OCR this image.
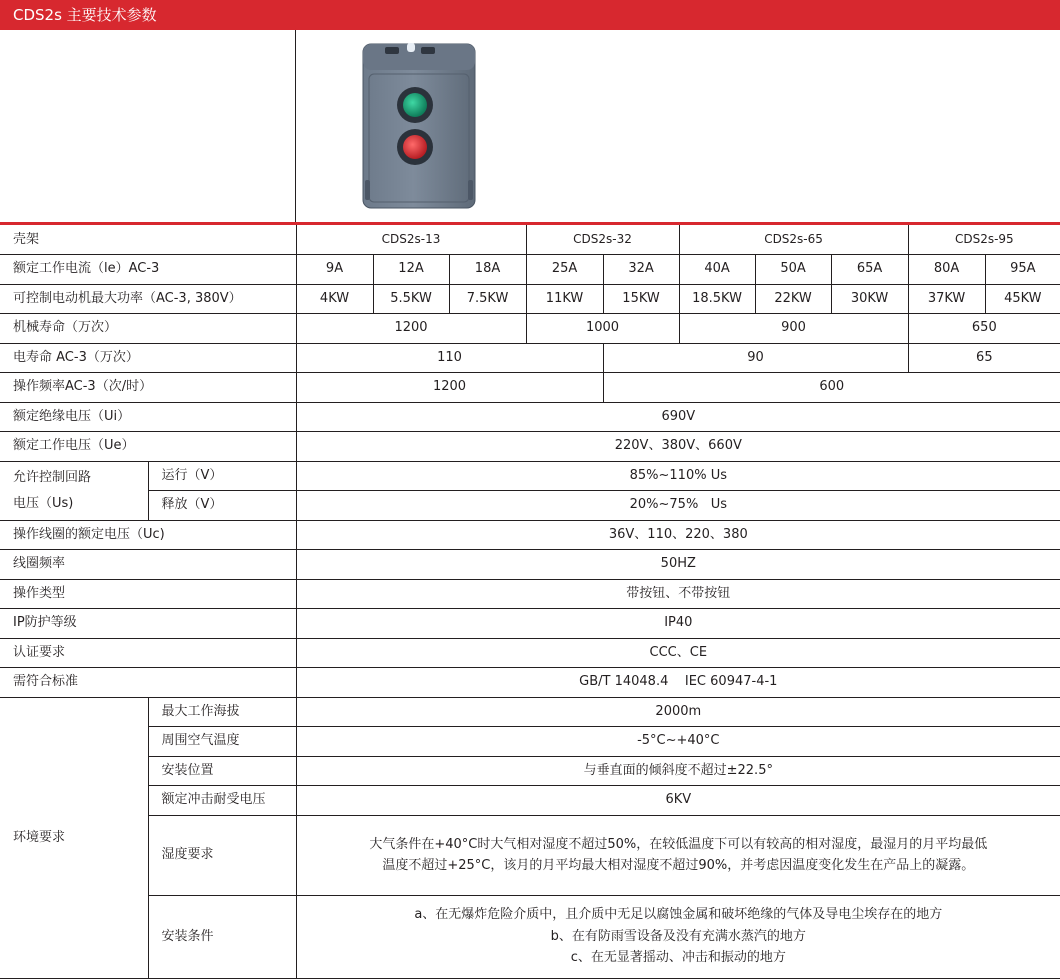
CDS2s 主要技术参数
壳架		CDS2s-13			CDS2s-32		CDS2s-65			CDS2s-95	
额定工作电流（le）AC-3		9A	12A	18A	25A	32A	40A	50A	65A	80A	95A
可控制电动机最大功率（AC-3, 380V）		4KW	5.5KW	7.5KW	11KW	15KW	18.5KW	22KW	30KW	37KW	45KW
机械寿命（万次）		1200			1000		900			650	
电寿命 AC-3（万次）		110				90				65	
操作频率AC-3（次/时）		1200				600					
额定绝缘电压（Ui）		690V									
额定工作电压（Ue）		220V、380V、660V									

允许控制回路
电压（Us)	运行（V）	85%~110% Us									
	释放（V）	20%~75%   Us									
操作线圈的额定电压（Uc)		36V、110、220、380									
线圈频率		50HZ									
操作类型		带按钮、不带按钮									
IP防护等级		IP40									
认证要求		CCC、CE									
需符合标准		GB/T 14048.4    IEC 60947-4-1									
环境要求	最大工作海拔	2000m									
	周围空气温度	-5°C~+40°C									
	安装位置	与垂直面的倾斜度不超过±22.5°									
	额定冲击耐受电压	6KV									
	湿度要求	大气条件在+40°C时大气相对湿度不超过50%，在较低温度下可以有较高的相对湿度，最湿月的月平均最低
温度不超过+25°C，该月的月平均最大相对湿度不超过90%，并考虑因温度变化发生在产品上的凝露。									

	安装条件	a、在无爆炸危险介质中，且介质中无足以腐蚀金属和破坏绝缘的气体及导电尘埃存在的地方
b、在有防雨雪设备及没有充满水蒸汽的地方
c、在无显著摇动、冲击和振动的地方									
